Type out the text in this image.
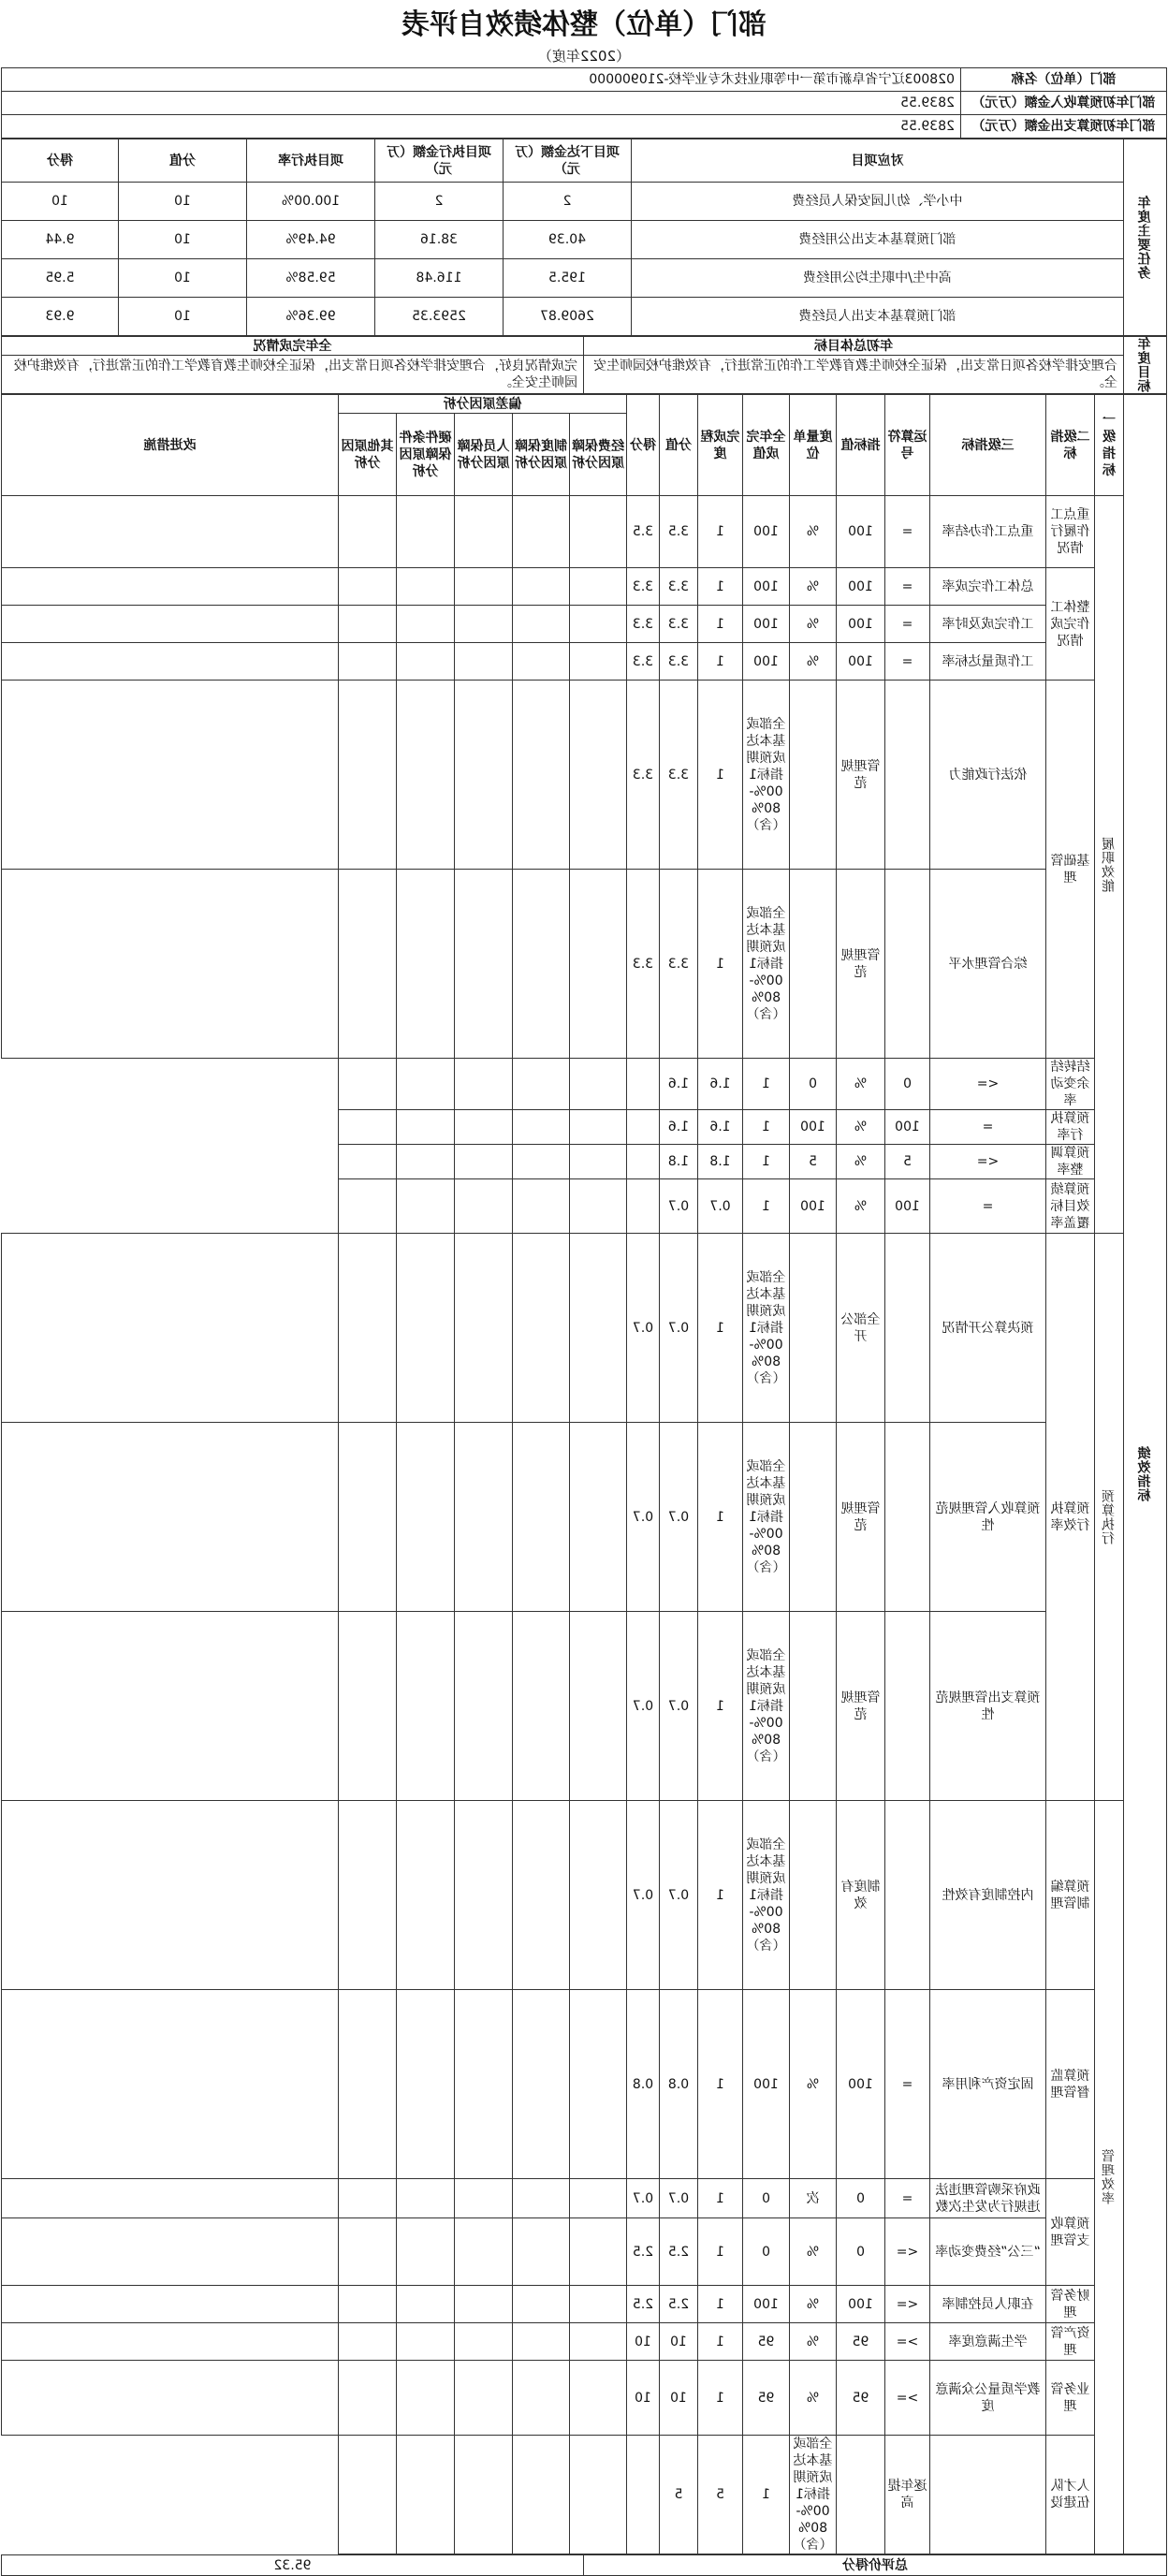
部门（单位）整体绩效自评表
（2022年度）
部门（单位）名称	028003辽宁省阜新市第一中等职业技术专业学校-210900000
部门年初预算收入金额（万元）	2839.55
部门年初预算支出金额（万元）	2839.55
年度主要任务	对应项目	项目下达金额（万元）	项目执行金额（万元）	项目执行率	分值	得分
	中小学、幼儿园安保人员经费	2	2	100.00%	10	10
	部门预算基本支出公用经费	40.39	38.16	94.49%	10	9.44
	高中生/中职生均公用经费	195.5	116.48	59.58%	10	5.95
	部门预算基本支出人员经费	2609.87	2593.35	99.36%	10	9.93
年度目标	年初总体目标	全年完成情况
	合理安排学校各项日常支出，保证全校师生教育教学工作的正常进行，有效维护校园师生安全。	完成情况良好，合理安排学校各项日常支出，保证全校师生教育教学工作的正常进行，有效维护校园师生安全。
绩效指标	一级指标	二级指标	三级指标	运算符号	指标值	度量单位	全年完成值	完成程度	分值	得分	偏差原因分析					改进措施
											经费保障原因分析	制度保障原因分析	人员保障原因分析	硬件条件保障原因分析	其他原因分析	

	履职效能	重点工作履行情况	重点工作办结率	=	100	%	100	1	3.5	3.5						
		整体工作完成情况	总体工作完成率	=	100	%	100	1	3.3	3.3						
			工作完成及时率	=	100	%	100	1	3.3	3.3						
			工作质量达标率	=	100	%	100	1	3.3	3.3						
		基础管理	依法行政能力		管理规范		全部或基本达成预期指标100%-80%（含）	1	3.3	3.3						
			综合管理水平		管理规范		全部或基本达成预期指标100%-80%（含）	1	3.3	3.3						
		结转结余变动率	<=	0	%	0	1	1.6	1.6							
		预算执行率	=	100	%	100	1	1.6	1.6							
		预算调整率	<=	5	%	5	1	1.8	1.8							
		预算绩效目标覆盖率	=	100	%	100	1	0.7	0.7							

	预算执行	预算执行效率	预决算公开情况		全部公开		全部或基本达成预期指标100%-80%（含）	1	0.7	0.7						
			预算收入管理规范性		管理规范		全部或基本达成预期指标100%-80%（含）	1	0.7	0.7						
			预算支出管理规范性		管理规范		全部或基本达成预期指标100%-80%（含）	1	0.7	0.7						

	管理效率	预算编制管理	内控制度有效性		制度有效		全部或基本达成预期指标100%-80%（含）	1	0.7	0.7						
		预算监督管理	固定资产利用率	=	100	%	100	1	0.8	0.8						
		预算收支管理	政府采购管理违法违规行为发生次数	=	0	次	0	1	0.7	0.7						
			“三公”经费变动率	<=	0	%	0	1	2.5	2.5						
		财务管理	在职人员控制率	<=	100	%	100	1	2.5	2.5						
		资产管理	学生满意度率	>=	95	%	95	1	10	10						
		业务管理	教学质量公众满意度	>=	95	%	95	1	10	10						
		人才队伍建设		逐年提高		全部或基本达成预期指标100%-80%（含）	1	5	5							
总评价得分	95.32
